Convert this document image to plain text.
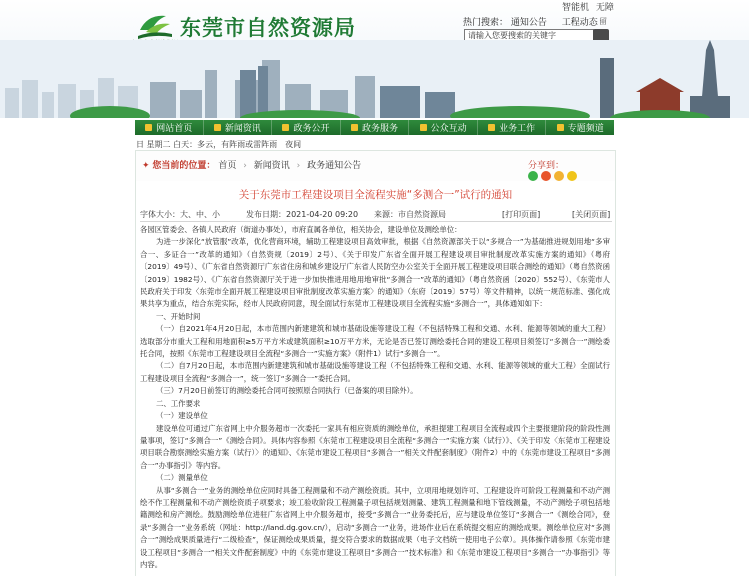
东莞市自然资源局
智能机 无障
热门搜索： 通知公告 工程动态 留
请输入您要搜索的关键字
网站首页	新闻资讯	政务公开	政务服务	公众互动	业务工作	专题频道
日 星期二 白天：多云，有阵雨或雷阵雨　夜间
✦ 您当前的位置： 首页 › 新闻资讯 › 政务通知公告	分享到：
关于东莞市工程建设项目全流程实施“多测合一”试行的通知
字体大小：大、中、小	发布日期：2021-04-20 09:20 来源：市自然资源局	[打印页面]	[关闭页面]

各园区管委会、各镇人民政府（街道办事处），市府直属各单位，相关协会，建设单位及测绘单位：

为进一步深化“放管服”改革，优化营商环境，辅助工程建设项目高效审批，根据《自然资源部关于以“多规合一”为基础推进规划用地“多审合一、多证合一”改革的通知》（自然资规〔2019〕2号）、《关于印发广东省全面开展工程建设项目审批制度改革实施方案的通知》（粤府〔2019〕49号）、《广东省自然资源厅广东省住房和城乡建设厅广东省人民防空办公室关于全面开展工程建设项目联合测绘的通知》（粤自然资函〔2019〕1982号）、《广东省自然资源厅关于进一步加快推进用地用地审批“多测合一”改革的通知》（粤自然资函〔2020〕552号）、《东莞市人民政府关于印发〈东莞市全面开展工程建设项目审批制度改革实施方案〉的通知》（东府〔2019〕57号）等文件精神，以统一规范标准、强化成果共享为重点，结合东莞实际，经市人民政府同意，现全面试行东莞市工程建设项目全流程实施“多测合一”，具体通知如下：

一、开始时间

（一）自2021年4月20日起，本市范围内新建建筑和城市基础设施等建设工程（不包括特殊工程和交通、水利、能源等领域的重大工程）选取部分市重大工程和用地面积≥5万平方米或建筑面积≥10万平方米，无论是否已签订测绘委托合同的建设工程项目须签订“多测合一”测绘委托合同，按照《东莞市工程建设项目全流程“多测合一”实施方案》（附件1）试行“多测合一”。

（二）自7月20日起，本市范围内新建建筑和城市基础设施等建设工程（不包括特殊工程和交通、水利、能源等领域的重大工程）全面试行工程建设项目全流程“多测合一”，统一签订“多测合一”委托合同。

（三）7月20日前签订的测绘委托合同可按照原合同执行（已备案的项目除外）。

二、工作要求

（一）建设单位

建设单位可通过广东省网上中介服务超市一次委托一家具有相应资质的测绘单位，承担提建工程项目全流程或四个主要报建阶段的阶段性测量事项，签订“多测合一”《测绘合同》。具体内容参照《东莞市工程建设项目全流程“多测合一”实施方案（试行）》、《关于印发〈东莞市工程建设项目联合勘察测绘实施方案（试行）〉的通知》、《东莞市建设工程项目“多测合一”相关文件配套制度》（附件2）中的《东莞市建设工程项目“多测合一”办事指引》等内容。

（二）测量单位

从事“多测合一”业务的测绘单位应同时具备工程测量和不动产测绘资质。其中，立项用地规划许可、工程建设许可阶段工程测量和不动产测绘不作工程测量和不动产测绘资质子项要求；竣工验收阶段工程测量子项包括规划测量、建筑工程测量和地下管线测量，不动产测绘子项包括地籍测绘和房产测绘。鼓励测绘单位进驻广东省网上中介服务超市，接受“多测合一”业务委托后，应与建设单位签订“多测合一”《测绘合同》，登录“多测合一”业务系统（网址：http://land.dg.gov.cn/），启动“多测合一”业务，进场作业后在系统提交相应的测绘成果。测绘单位应对“多测合一”测绘成果质量进行“二级检查”，保证测绘成果质量，提交符合要求的数据成果（电子文档统一使用电子公章）。具体操作请参照《东莞市建设工程项目“多测合一”相关文件配套制度》中的《东莞市建设工程项目“多测合一”技术标准》和《东莞市建设工程项目“多测合一”办事指引》等内容。
